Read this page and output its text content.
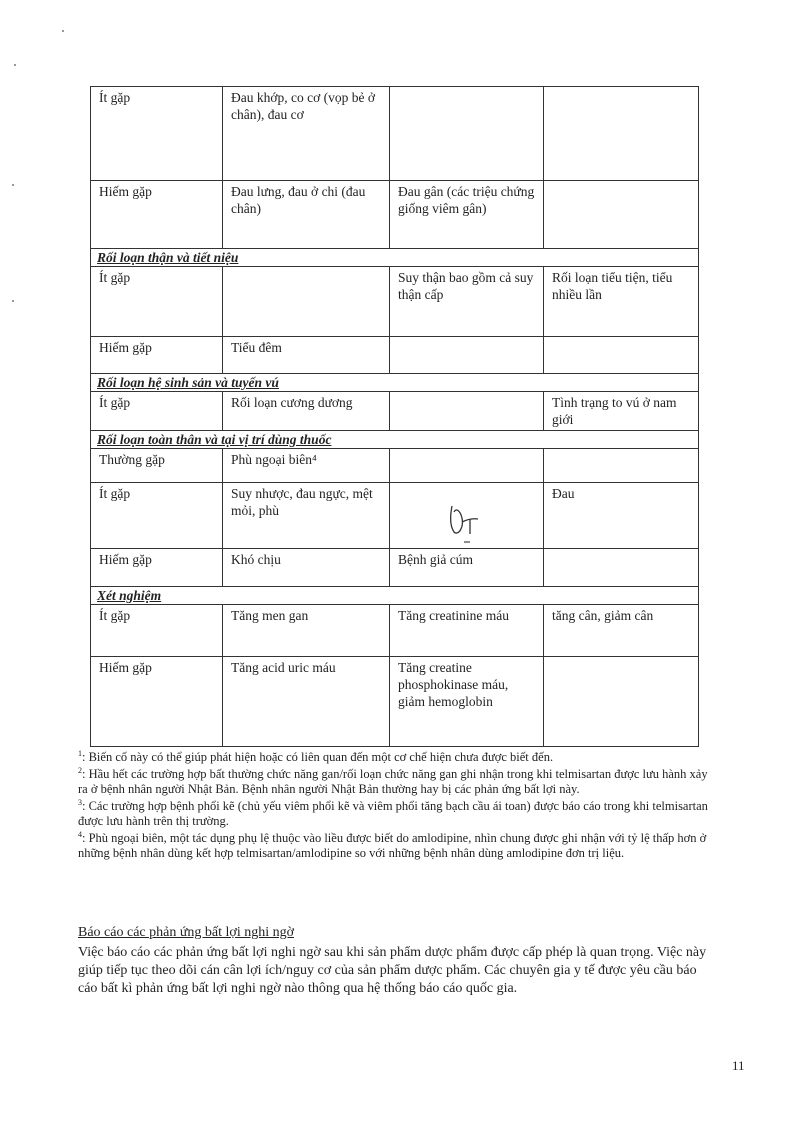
Ít gặp	Đau khớp, co cơ (vọp bẻ ở chân), đau cơ		
Hiếm gặp	Đau lưng, đau ở chi (đau chân)	Đau gân (các triệu chứng giống viêm gân)	
Rối loạn thận và tiết niệu			
Ít gặp		Suy thận bao gồm cả suy thận cấp	Rối loạn tiểu tiện, tiểu nhiều lần
Hiếm gặp	Tiểu đêm		
Rối loạn hệ sinh sản và tuyến vú			
Ít gặp	Rối loạn cương dương		Tình trạng to vú ở nam giới
Rối loạn toàn thân và tại vị trí dùng thuốc			
Thường gặp	Phù ngoại biên⁴		
Ít gặp	Suy nhược, đau ngực, mệt mỏi, phù		Đau
Hiếm gặp	Khó chịu	Bệnh giả cúm	
Xét nghiệm			
Ít gặp	Tăng men gan	Tăng creatinine máu	tăng cân, giảm cân
Hiếm gặp	Tăng acid uric máu	Tăng creatine phosphokinase máu, giảm hemoglobin	

$^1$: Biến cố này có thể giúp phát hiện hoặc có liên quan đến một cơ chế hiện chưa được biết đến.

$^2$: Hầu hết các trường hợp bất thường chức năng gan/rối loạn chức năng gan ghi nhận trong khi telmisartan được lưu hành xảy ra ở bệnh nhân người Nhật Bản. Bệnh nhân người Nhật Bản thường hay bị các phản ứng bất lợi này.

$^3$: Các trường hợp bệnh phổi kẽ (chủ yếu viêm phổi kẽ và viêm phổi tăng bạch cầu ái toan) được báo cáo trong khi telmisartan được lưu hành trên thị trường.

$^4$: Phù ngoại biên, một tác dụng phụ lệ thuộc vào liều được biết do amlodipine, nhìn chung được ghi nhận với tỷ lệ thấp hơn ở những bệnh nhân dùng kết hợp telmisartan/amlodipine so với những bệnh nhân dùng amlodipine đơn trị liệu.

Báo cáo các phản ứng bất lợi nghi ngờ

Việc báo cáo các phản ứng bất lợi nghi ngờ sau khi sản phẩm dược phẩm được cấp phép là quan trọng. Việc này giúp tiếp tục theo dõi cán cân lợi ích/nguy cơ của sản phẩm dược phẩm. Các chuyên gia y tế được yêu cầu báo cáo bất kì phản ứng bất lợi nghi ngờ nào thông qua hệ thống báo cáo quốc gia.

11
